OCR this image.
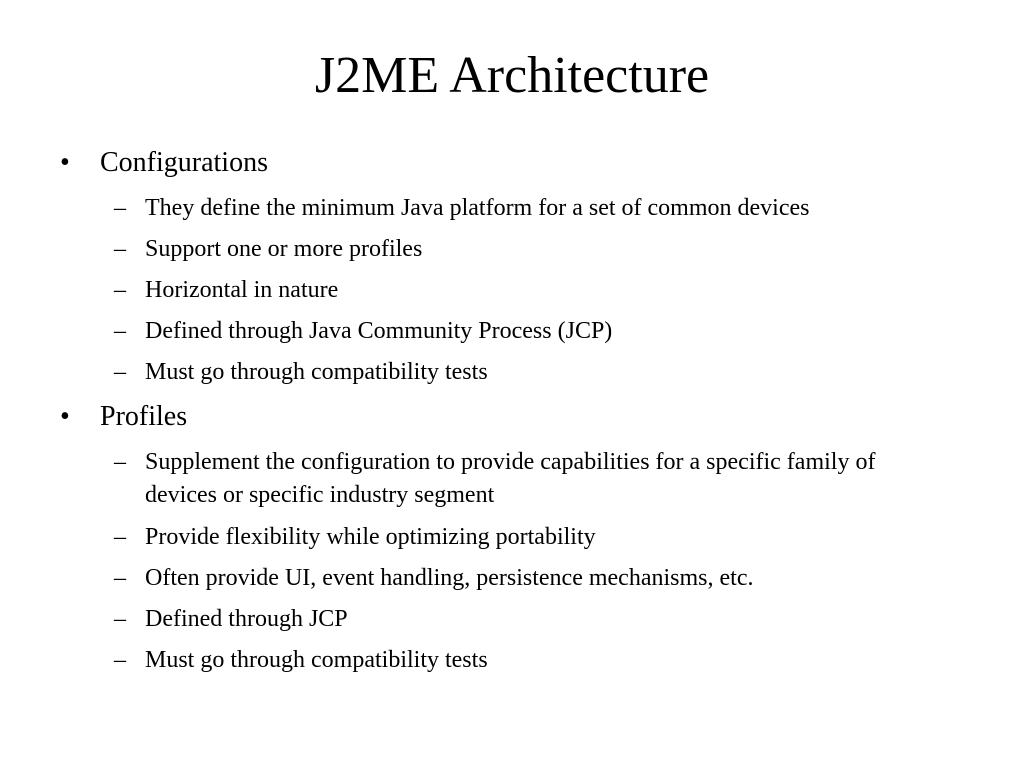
J2ME Architecture
• Configurations
– They define the minimum Java platform for a set of common devices
– Support one or more profiles
– Horizontal in nature
– Defined through Java Community Process (JCP)
– Must go through compatibility tests
• Profiles
– Supplement the configuration to provide capabilities for a specific family of devices or specific industry segment
– Provide flexibility while optimizing portability
– Often provide UI, event handling, persistence mechanisms, etc.
– Defined through JCP
– Must go through compatibility tests
